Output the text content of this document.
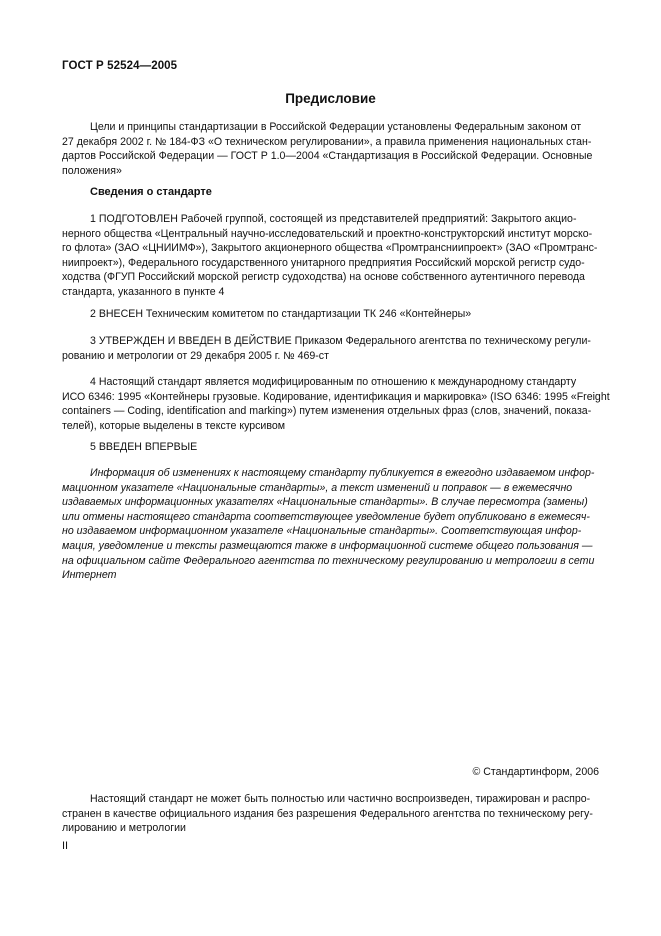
ГОСТ Р 52524—2005
Предисловие
Цели и принципы стандартизации в Российской Федерации установлены Федеральным законом от
27 декабря 2002 г. № 184-ФЗ «О техническом регулировании», а правила применения национальных стан-
дартов Российской Федерации — ГОСТ Р 1.0—2004 «Стандартизация в Российской Федерации. Основные
положения»
Сведения о стандарте
1 ПОДГОТОВЛЕН Рабочей группой, состоящей из представителей предприятий: Закрытого акцио-
нерного общества «Центральный научно-исследовательский и проектно-конструкторский институт морско-
го флота» (ЗАО «ЦНИИМФ»), Закрытого акционерного общества «Промтрансниипроект» (ЗАО «Промтранс-
ниипроект»), Федерального государственного унитарного предприятия Российский морской регистр судо-
ходства (ФГУП Российский морской регистр судоходства) на основе собственного аутентичного перевода
стандарта, указанного в пункте 4
2 ВНЕСЕН Техническим комитетом по стандартизации ТК 246 «Контейнеры»
3 УТВЕРЖДЕН И ВВЕДЕН В ДЕЙСТВИЕ Приказом Федерального агентства по техническому регули-
рованию и метрологии от 29 декабря 2005 г. № 469-ст
4 Настоящий стандарт является модифицированным по отношению к международному стандарту
ИСО 6346: 1995 «Контейнеры грузовые. Кодирование, идентификация и маркировка» (ISO 6346: 1995 «Freight
containers — Coding, identification and marking») путем изменения отдельных фраз (слов, значений, показа-
телей), которые выделены в тексте курсивом
5 ВВЕДЕН ВПЕРВЫЕ
Информация об изменениях к настоящему стандарту публикуется в ежегодно издаваемом инфор-
мационном указателе «Национальные стандарты», а текст изменений и поправок — в ежемесячно
издаваемых информационных указателях «Национальные стандарты». В случае пересмотра (замены)
или отмены настоящего стандарта соответствующее уведомление будет опубликовано в ежемесяч-
но издаваемом информационном указателе «Национальные стандарты». Соответствующая инфор-
мация, уведомление и тексты размещаются также в информационной системе общего пользования —
на официальном сайте Федерального агентства по техническому регулированию и метрологии в сети
Интернет
© Стандартинформ, 2006
Настоящий стандарт не может быть полностью или частично воспроизведен, тиражирован и распро-
странен в качестве официального издания без разрешения Федерального агентства по техническому регу-
лированию и метрологии
II
